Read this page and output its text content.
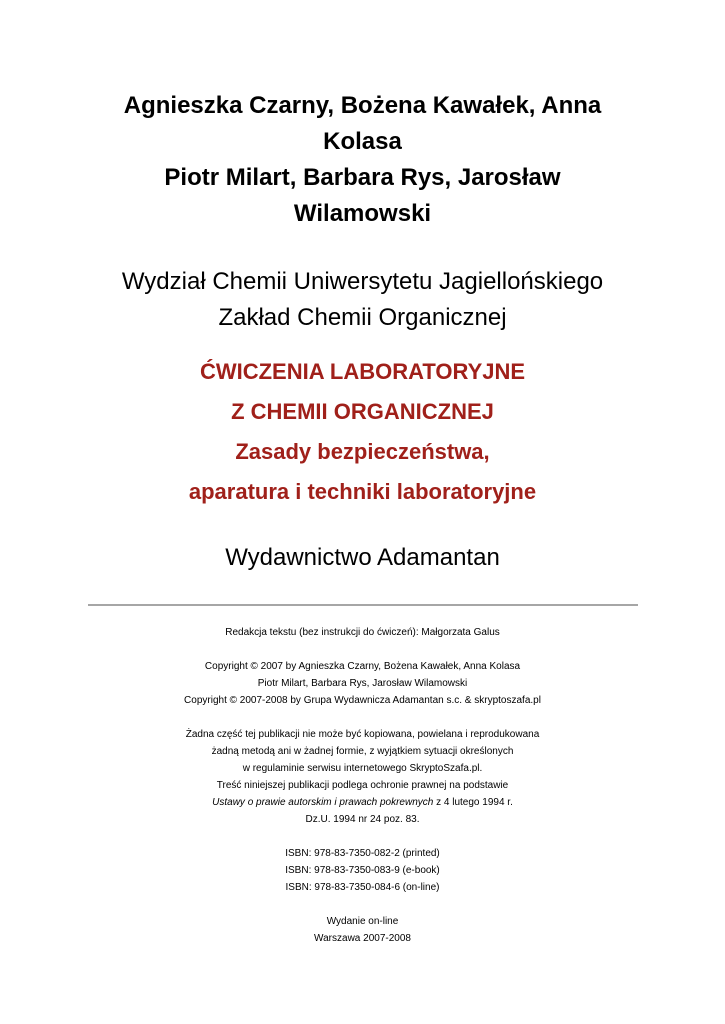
Agnieszka Czarny, Bożena Kawałek, Anna
Kolasa
Piotr Milart, Barbara Rys, Jarosław
Wilamowski
Wydział Chemii Uniwersytetu Jagiellońskiego
Zakład Chemii Organicznej
ĆWICZENIA LABORATORYJNE
Z CHEMII ORGANICZNEJ
Zasady bezpieczeństwa,
aparatura i techniki laboratoryjne
Wydawnictwo Adamantan
Redakcja tekstu (bez instrukcji do ćwiczeń): Małgorzata Galus
Copyright © 2007 by Agnieszka Czarny, Bożena Kawałek, Anna Kolasa
Piotr Milart, Barbara Rys, Jarosław Wilamowski
Copyright © 2007-2008 by Grupa Wydawnicza Adamantan s.c. & skryptoszafa.pl
Żadna część tej publikacji nie może być kopiowana, powielana i reprodukowana
żadną metodą ani w żadnej formie, z wyjątkiem sytuacji określonych
w regulaminie serwisu internetowego SkryptoSzafa.pl.
Treść niniejszej publikacji podlega ochronie prawnej na podstawie
Ustawy o prawie autorskim i prawach pokrewnych z 4 lutego 1994 r.
Dz.U. 1994 nr 24 poz. 83.
ISBN: 978-83-7350-082-2 (printed)
ISBN: 978-83-7350-083-9 (e-book)
ISBN: 978-83-7350-084-6 (on-line)
Wydanie on-line
Warszawa 2007-2008
